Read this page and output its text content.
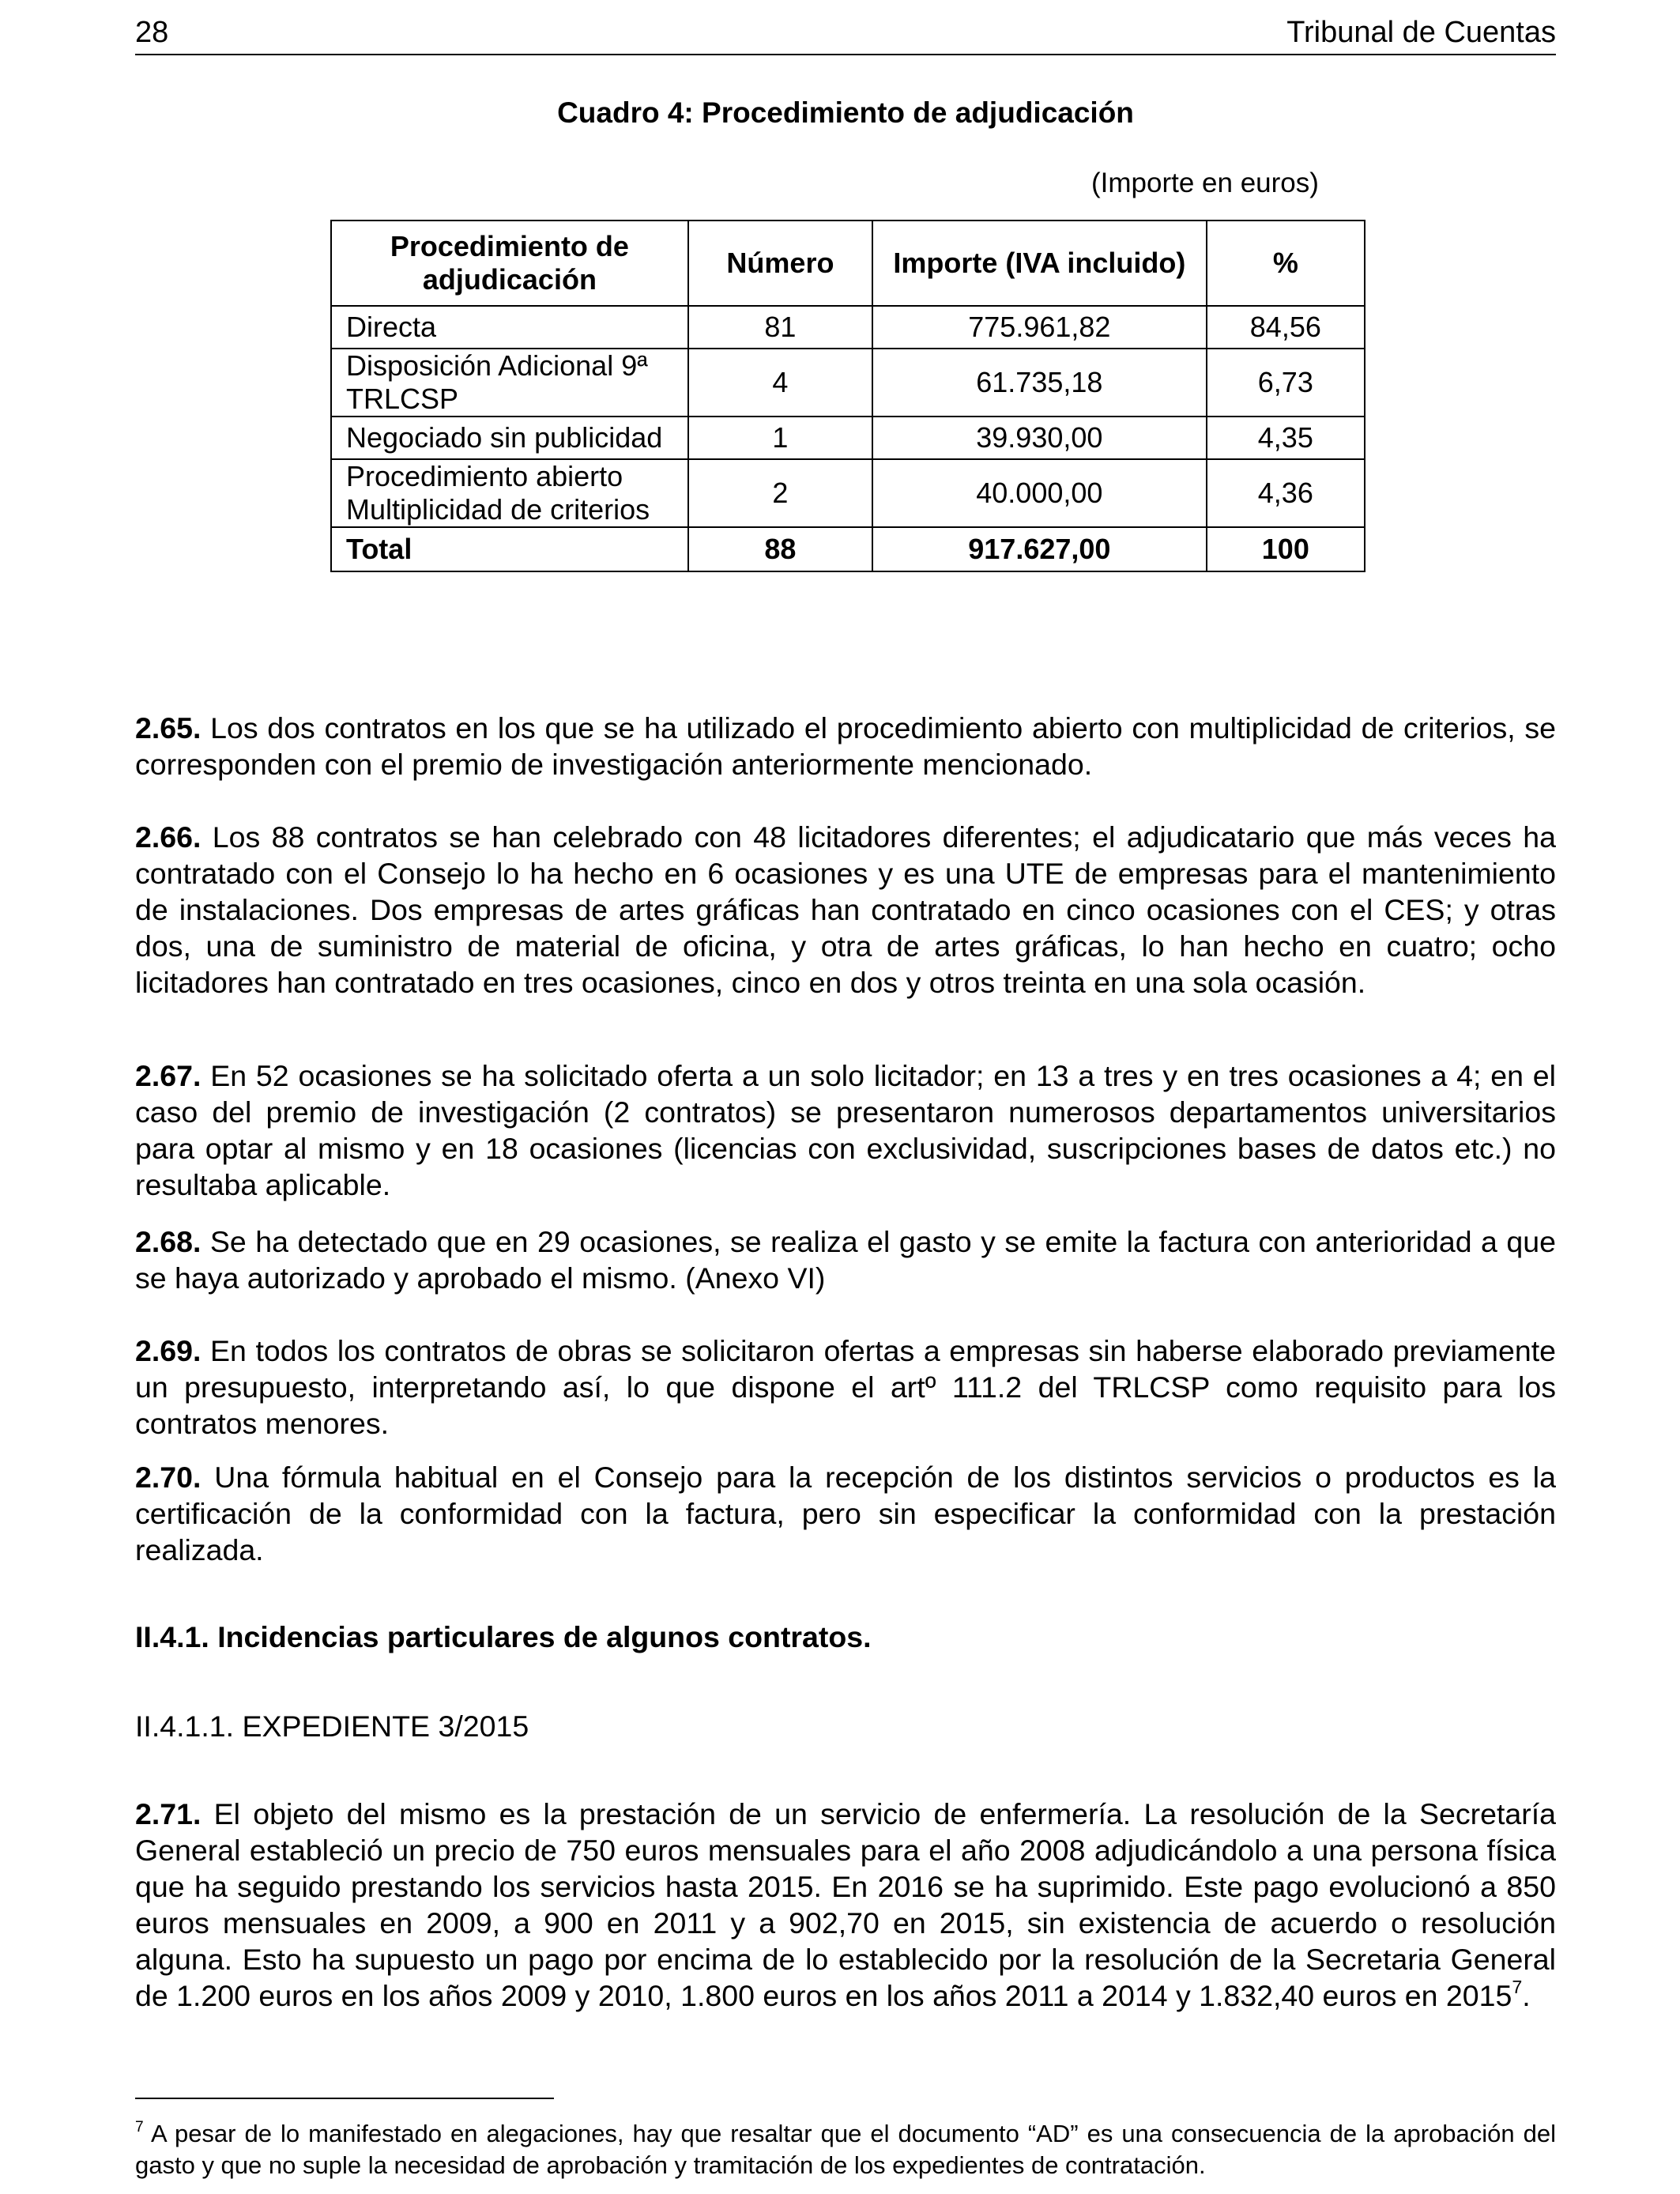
28	Tribunal de Cuentas
Cuadro 4: Procedimiento de adjudicación
(Importe en euros)
Procedimiento de adjudicación	Número	Importe (IVA incluido)	%
Directa	81	775.961,82	84,56
Disposición Adicional 9ª TRLCSP	4	61.735,18	6,73
Negociado sin publicidad	1	39.930,00	4,35
Procedimiento abierto Multiplicidad de criterios	2	40.000,00	4,36
Total	88	917.627,00	100

2.65. Los dos contratos en los que se ha utilizado el procedimiento abierto con multiplicidad de criterios, se corresponden con el premio de investigación anteriormente mencionado.

2.66. Los 88 contratos se han celebrado con 48 licitadores diferentes; el adjudicatario que más veces ha contratado con el Consejo lo ha hecho en 6 ocasiones y es una UTE de empresas para el mantenimiento de instalaciones. Dos empresas de artes gráficas han contratado en cinco ocasiones con el CES; y otras dos, una de suministro de material de oficina, y otra de artes gráficas, lo han hecho en cuatro; ocho licitadores han contratado en tres ocasiones, cinco en dos y otros treinta en una sola ocasión.

2.67. En 52 ocasiones se ha solicitado oferta a un solo licitador; en 13 a tres y en tres ocasiones a 4; en el caso del premio de investigación (2 contratos) se presentaron numerosos departamentos universitarios para optar al mismo y en 18 ocasiones (licencias con exclusividad, suscripciones bases de datos etc.) no resultaba aplicable.

2.68. Se ha detectado que en 29 ocasiones, se realiza el gasto y se emite la factura con anterioridad a que se haya autorizado y aprobado el mismo. (Anexo VI)

2.69. En todos los contratos de obras se solicitaron ofertas a empresas sin haberse elaborado previamente un presupuesto, interpretando así, lo que dispone el artº 111.2 del TRLCSP como requisito para los contratos menores.

2.70. Una fórmula habitual en el Consejo para la recepción de los distintos servicios o productos es la certificación de la conformidad con la factura, pero sin especificar la conformidad con la prestación realizada.

II.4.1. Incidencias particulares de algunos contratos.
II.4.1.1. EXPEDIENTE 3/2015

2.71. El objeto del mismo es la prestación de un servicio de enfermería. La resolución de la Secretaría General estableció un precio de 750 euros mensuales para el año 2008 adjudicándolo a una persona física que ha seguido prestando los servicios hasta 2015. En 2016 se ha suprimido. Este pago evolucionó a 850 euros mensuales en 2009, a 900 en 2011 y a 902,70 en 2015, sin existencia de acuerdo o resolución alguna. Esto ha supuesto un pago por encima de lo establecido por la resolución de la Secretaria General de 1.200 euros en los años 2009 y 2010, 1.800 euros en los años 2011 a 2014 y 1.832,40 euros en 2015$^7$.

$^7$ A pesar de lo manifestado en alegaciones, hay que resaltar que el documento “AD” es una consecuencia de la aprobación del gasto y que no suple la necesidad de aprobación y tramitación de los expedientes de contratación.
